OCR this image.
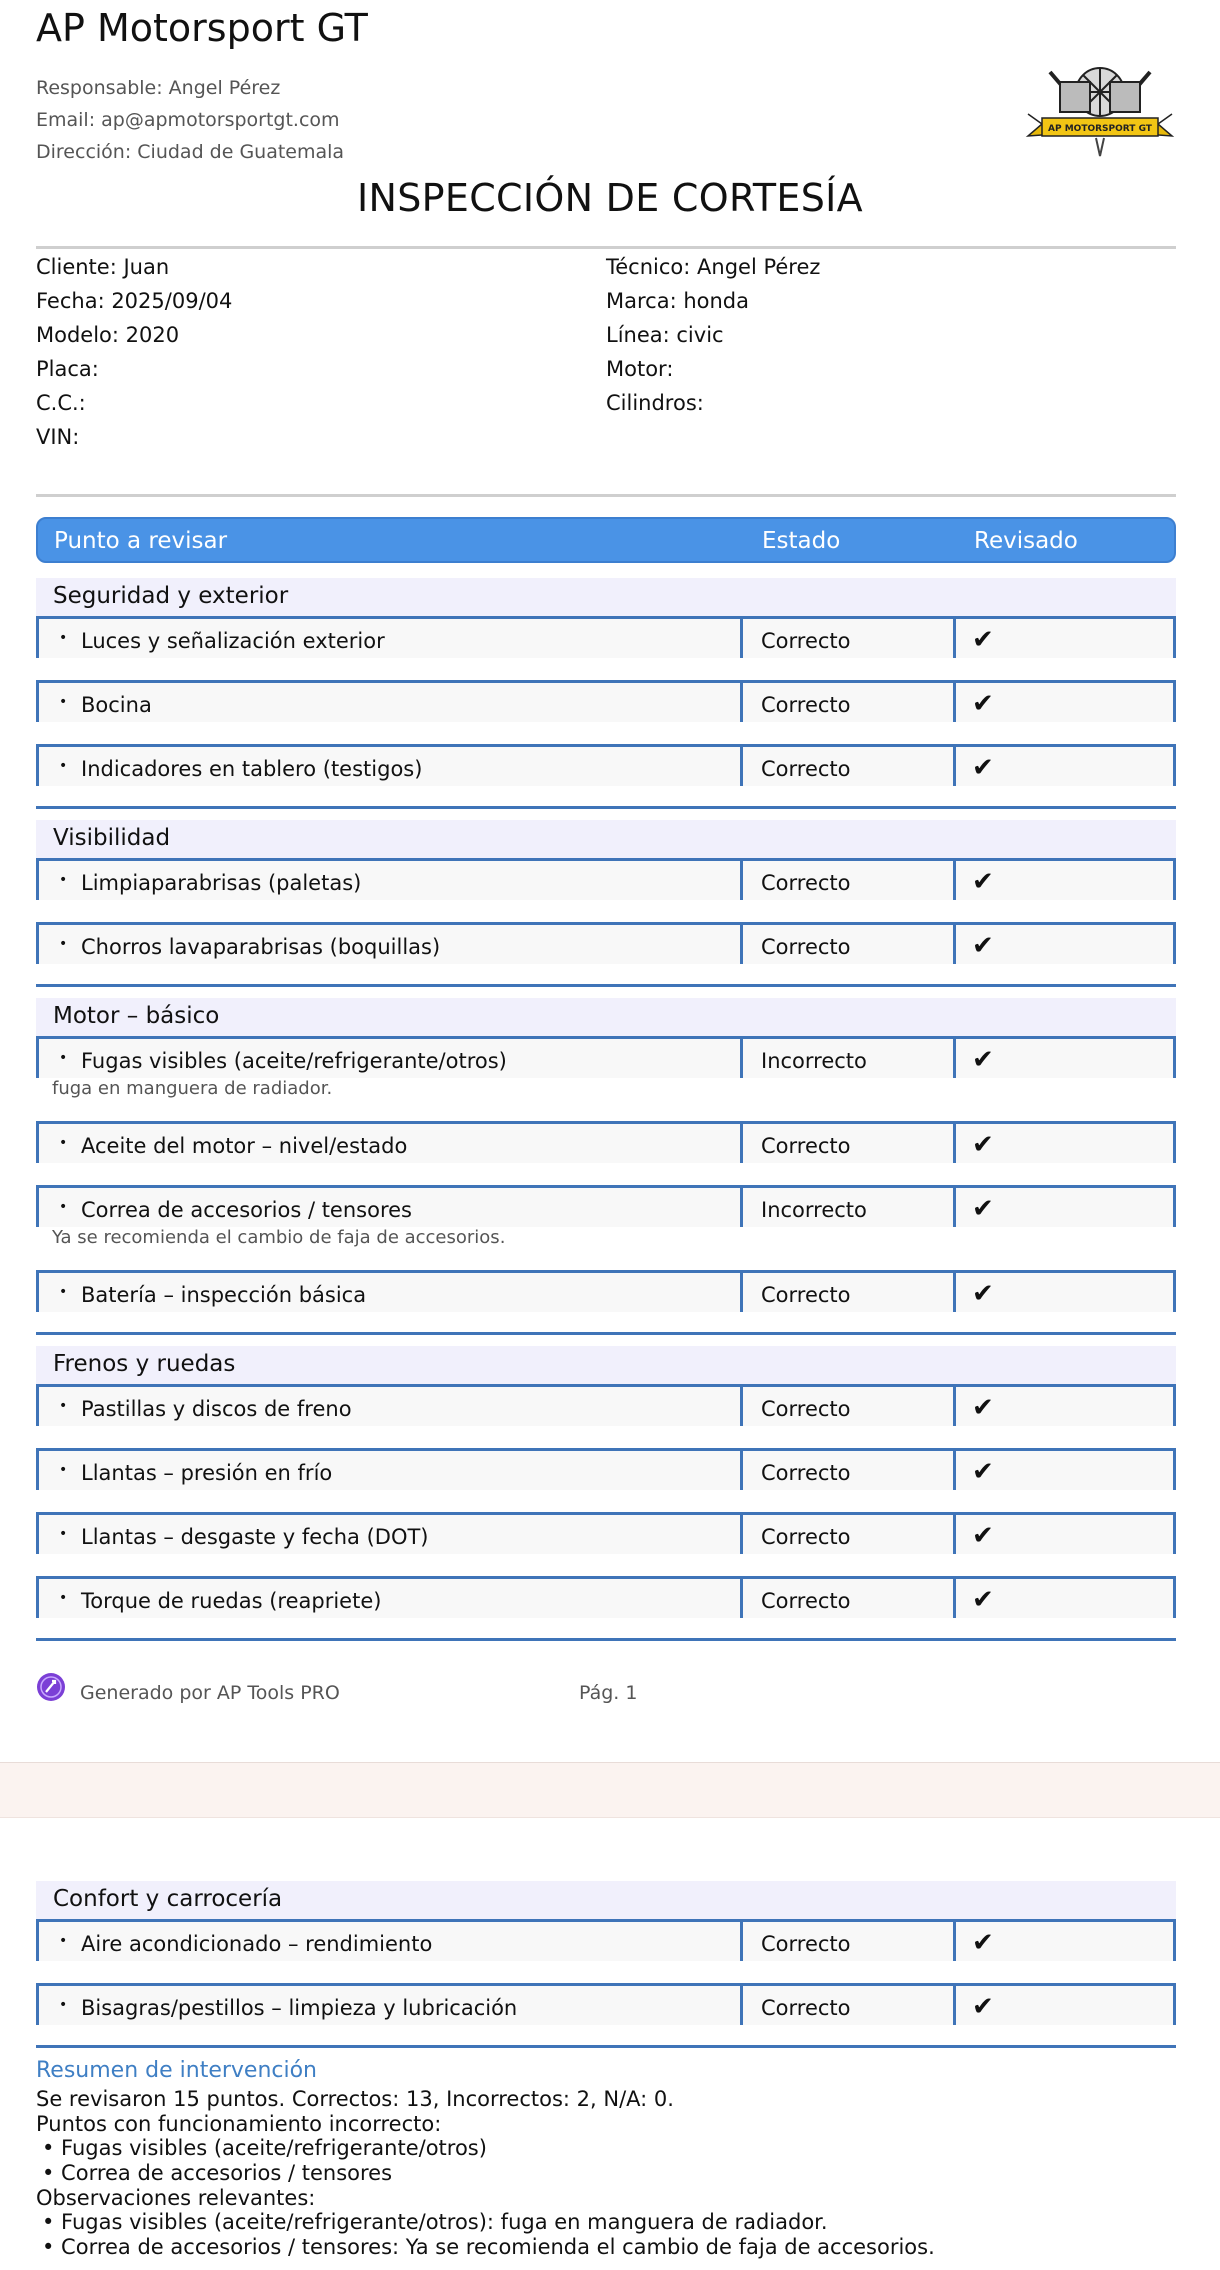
AP Motorsport GT
Responsable: Angel Pérez
Email: ap@apmotorsportgt.com
Dirección: Ciudad de Guatemala
AP MOTORSPORT GT
INSPECCIÓN DE CORTESÍA
Cliente: Juan
Fecha: 2025/09/04
Modelo: 2020
Placa:
C.C.:
VIN:
Técnico: Angel Pérez
Marca: honda
Línea: civic
Motor:
Cilindros:
Punto a revisar	Estado	Revisado
Seguridad y exterior
• Luces y señalización exterior	Correcto	✔
• Bocina	Correcto	✔
• Indicadores en tablero (testigos)	Correcto	✔
Visibilidad
• Limpiaparabrisas (paletas)	Correcto	✔
• Chorros lavaparabrisas (boquillas)	Correcto	✔
Motor – básico
• Fugas visibles (aceite/refrigerante/otros)	Incorrecto	✔
fuga en manguera de radiador.
• Aceite del motor – nivel/estado	Correcto	✔
• Correa de accesorios / tensores	Incorrecto	✔
Ya se recomienda el cambio de faja de accesorios.
• Batería – inspección básica	Correcto	✔
Frenos y ruedas
• Pastillas y discos de freno	Correcto	✔
• Llantas – presión en frío	Correcto	✔
• Llantas – desgaste y fecha (DOT)	Correcto	✔
• Torque de ruedas (reapriete)	Correcto	✔
Generado por AP Tools PRO	Pág. 1
Confort y carrocería
• Aire acondicionado – rendimiento	Correcto	✔
• Bisagras/pestillos – limpieza y lubricación	Correcto	✔
Resumen de intervención
Se revisaron 15 puntos. Correctos: 13, Incorrectos: 2, N/A: 0.
Puntos con funcionamiento incorrecto:
• Fugas visibles (aceite/refrigerante/otros)
• Correa de accesorios / tensores
Observaciones relevantes:
• Fugas visibles (aceite/refrigerante/otros): fuga en manguera de radiador.
• Correa de accesorios / tensores: Ya se recomienda el cambio de faja de accesorios.
